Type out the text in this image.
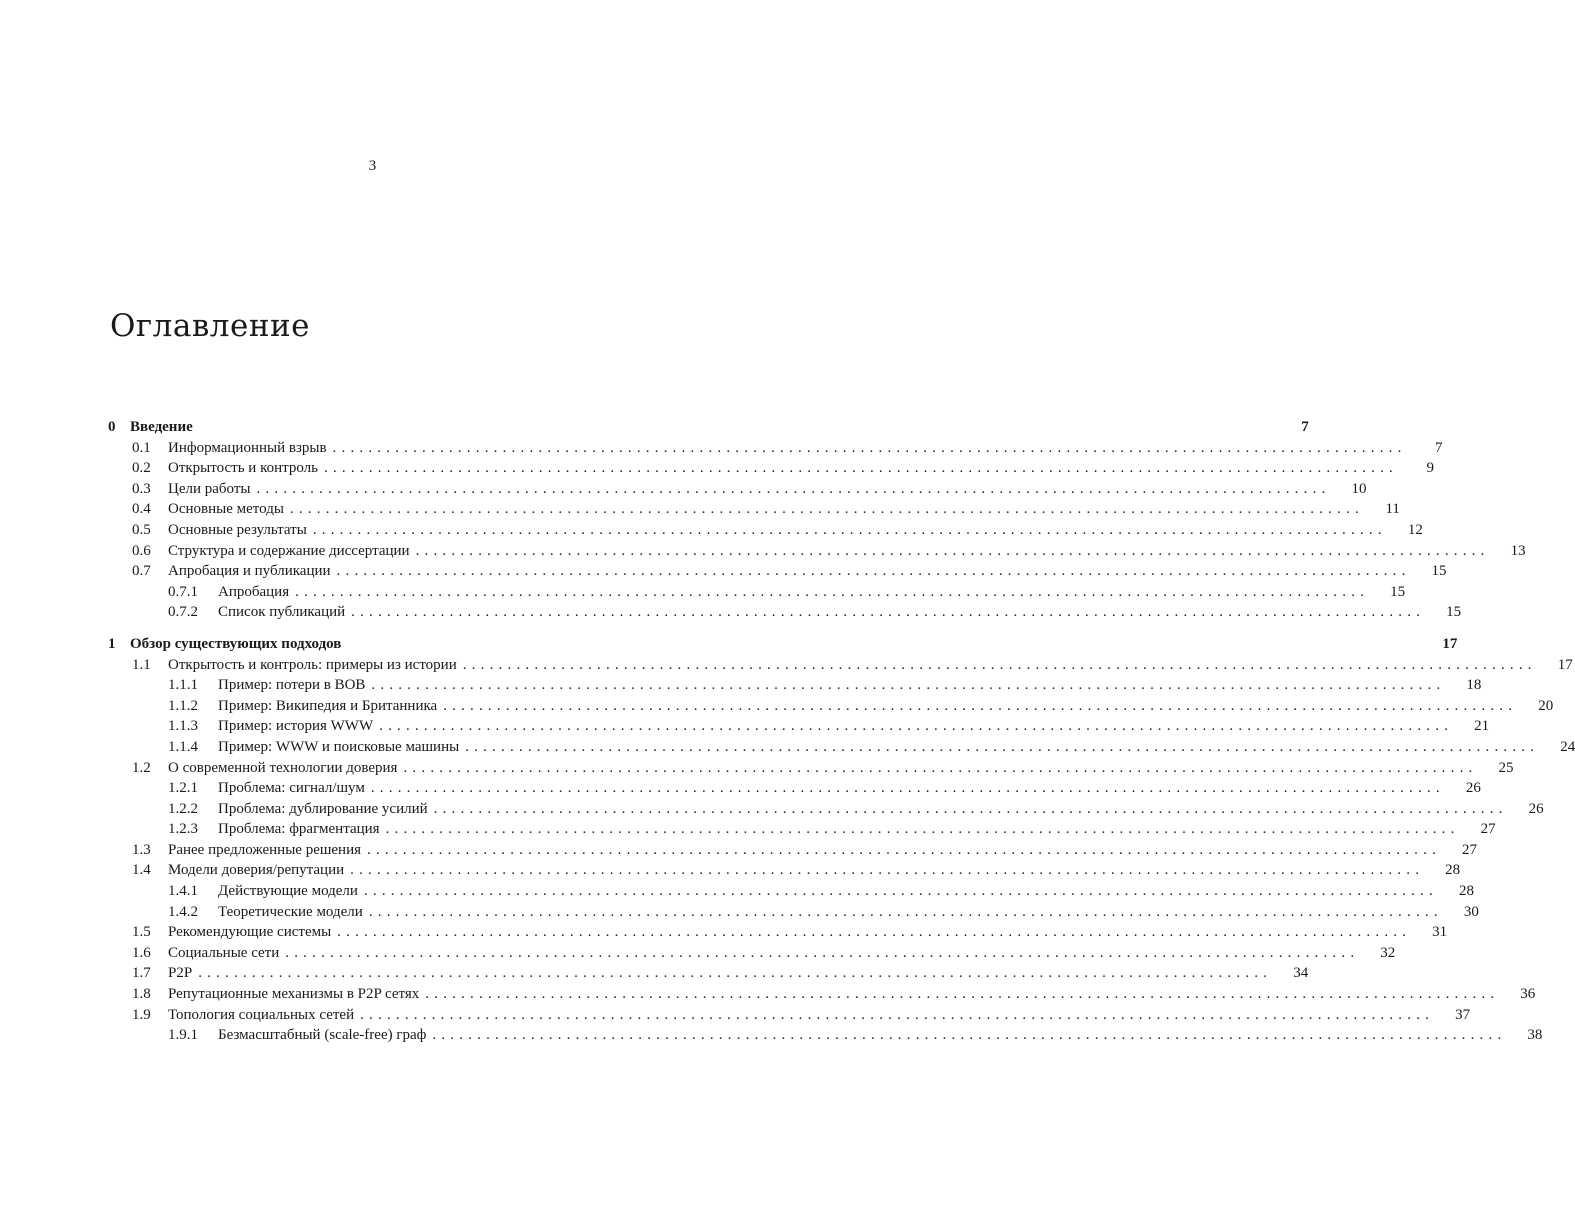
3
Оглавление
0 Введение	7
0.1	Информационный взрыв ........................................................................................................................	7
0.2	Открытость и контроль ........................................................................................................................	9
0.3	Цели работы ........................................................................................................................	10
0.4	Основные методы ........................................................................................................................	11
0.5	Основные результаты ........................................................................................................................	12
0.6	Структура и содержание диссертации ........................................................................................................................	13
0.7	Апробация и публикации ........................................................................................................................	15
0.7.1	Апробация ........................................................................................................................	15
0.7.2	Список публикаций ........................................................................................................................	15
1 Обзор существующих подходов	17
1.1	Открытость и контроль: примеры из истории ........................................................................................................................	17
1.1.1	Пример: потери в ВОВ ........................................................................................................................	18
1.1.2	Пример: Википедия и Британника ........................................................................................................................	20
1.1.3	Пример: история WWW ........................................................................................................................	21
1.1.4	Пример: WWW и поисковые машины ........................................................................................................................	24
1.2	О современной технологии доверия ........................................................................................................................	25
1.2.1	Проблема: сигнал/шум ........................................................................................................................	26
1.2.2	Проблема: дублирование усилий ........................................................................................................................	26
1.2.3	Проблема: фрагментация ........................................................................................................................	27
1.3	Ранее предложенные решения ........................................................................................................................	27
1.4	Модели доверия/репутации ........................................................................................................................	28
1.4.1	Действующие модели ........................................................................................................................	28
1.4.2	Теоретические модели ........................................................................................................................	30
1.5	Рекомендующие системы ........................................................................................................................	31
1.6	Социальные сети ........................................................................................................................	32
1.7	P2P ........................................................................................................................	34
1.8	Репутационные механизмы в P2P сетях ........................................................................................................................	36
1.9	Топология социальных сетей ........................................................................................................................	37
1.9.1	Безмасштабный (scale-free) граф ........................................................................................................................	38
